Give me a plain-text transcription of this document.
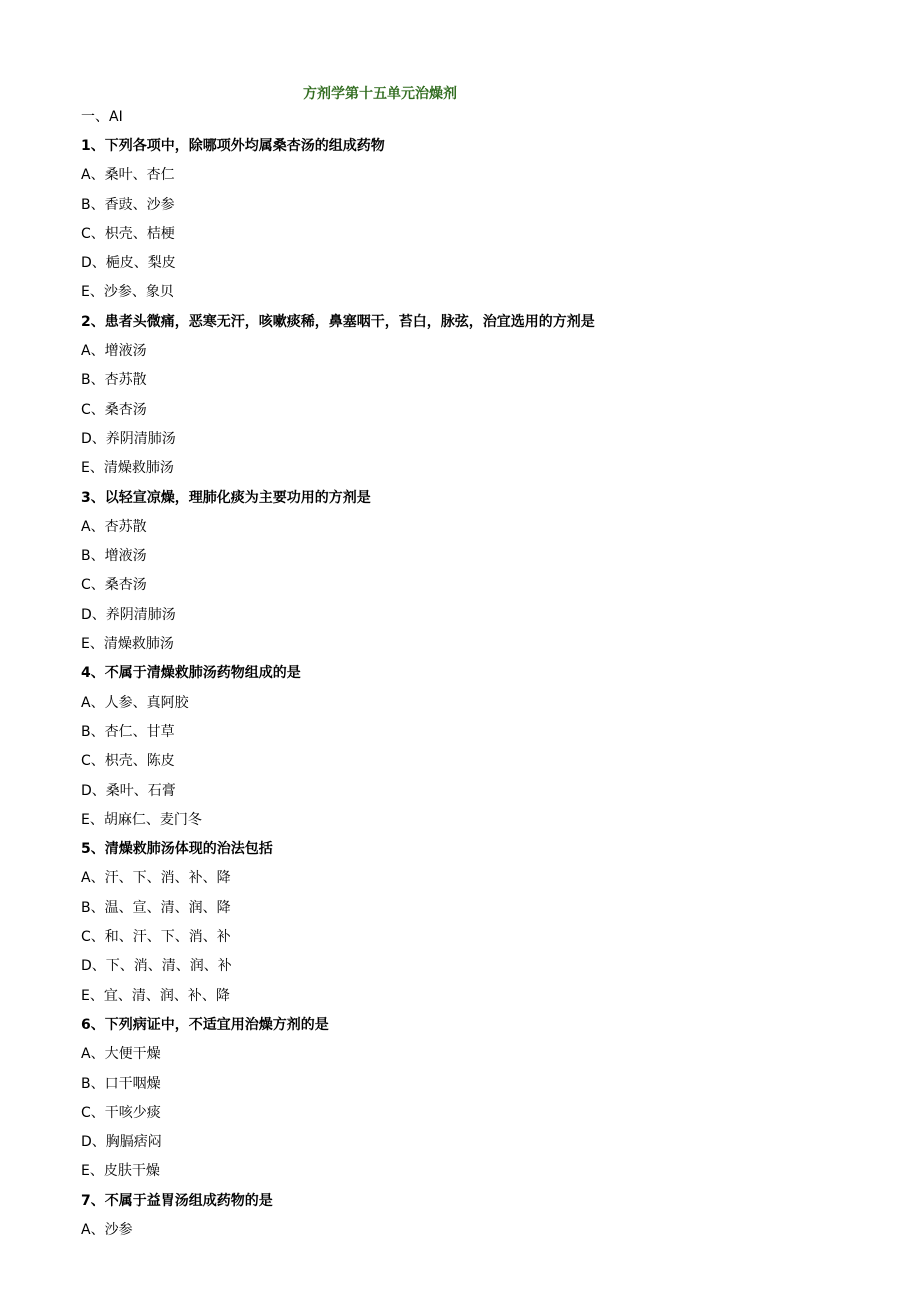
方剂学第十五单元治燥剂
一、AI
1、下列各项中，除哪项外均属桑杏汤的组成药物
A、桑叶、杏仁
B、香豉、沙参
C、枳壳、桔梗
D、梔皮、梨皮
E、沙参、象贝
2、患者头微痛，恶寒无汗，咳嗽痰稀，鼻塞咽干，苔白，脉弦，治宜选用的方剂是
A、增液汤
B、杏苏散
C、桑杏汤
D、养阴清肺汤
E、清燥救肺汤
3、以轻宣凉燥，理肺化痰为主要功用的方剂是
A、杏苏散
B、增液汤
C、桑杏汤
D、养阴清肺汤
E、清燥救肺汤
4、不属于清燥救肺汤药物组成的是
A、人参、真阿胶
B、杏仁、甘草
C、枳壳、陈皮
D、桑叶、石膏
E、胡麻仁、麦门冬
5、清燥救肺汤体现的治法包括
A、汗、下、消、补、降
B、温、宣、清、润、降
C、和、汗、下、消、补
D、下、消、清、润、补
E、宜、清、润、补、降
6、下列病证中，不适宜用治燥方剂的是
A、大便干燥
B、口干咽燥
C、干咳少痰
D、胸膈痞闷
E、皮肤干燥
7、不属于益胃汤组成药物的是
A、沙参
